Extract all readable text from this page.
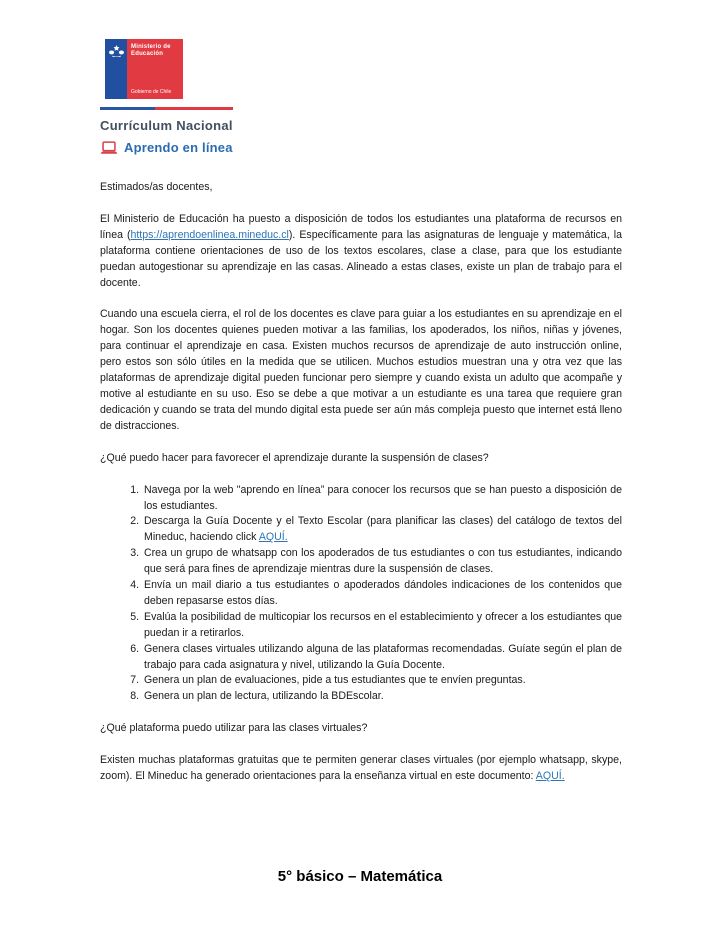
Ministerio de
Educación
Gobierno de Chile
Currículum Nacional
Aprendo en línea

Estimados/as docentes,

El Ministerio de Educación ha puesto a disposición de todos los estudiantes una plataforma de recursos en línea (https://aprendoenlinea.mineduc.cl). Específicamente para las asignaturas de lenguaje y matemática, la plataforma contiene orientaciones de uso de los textos escolares, clase a clase, para que los estudiante puedan autogestionar su aprendizaje en las casas. Alineado a estas clases, existe un plan de trabajo para el docente.

Cuando una escuela cierra, el rol de los docentes es clave para guiar a los estudiantes en su aprendizaje en el hogar. Son los docentes quienes pueden motivar a las familias, los apoderados, los niños, niñas y jóvenes, para continuar el aprendizaje en casa. Existen muchos recursos de aprendizaje de auto instrucción online, pero estos son sólo útiles en la medida que se utilicen. Muchos estudios muestran una y otra vez que las plataformas de aprendizaje digital pueden funcionar pero siempre y cuando exista un adulto que acompañe y motive al estudiante en su uso. Eso se debe a que motivar a un estudiante es una tarea que requiere gran dedicación y cuando se trata del mundo digital esta puede ser aún más compleja puesto que internet está lleno de distracciones.

¿Qué puedo hacer para favorecer el aprendizaje durante la suspensión de clases?

1. Navega por la web "aprendo en línea” para conocer los recursos que se han puesto a disposición de los estudiantes.
2. Descarga la Guía Docente y el Texto Escolar (para planificar las clases) del catálogo de textos del Mineduc, haciendo click AQUÍ.
3. Crea un grupo de whatsapp con los apoderados de tus estudiantes o con tus estudiantes, indicando que será para fines de aprendizaje mientras dure la suspensión de clases.
4. Envía un mail diario a tus estudiantes o apoderados dándoles indicaciones de los contenidos que deben repasarse estos días.
5. Evalúa la posibilidad de multicopiar los recursos en el establecimiento y ofrecer a los estudiantes que puedan ir a retirarlos.
6. Genera clases virtuales utilizando alguna de las plataformas recomendadas. Guíate según el plan de trabajo para cada asignatura y nivel, utilizando la Guía Docente.
7. Genera un plan de evaluaciones, pide a tus estudiantes que te envíen preguntas.
8. Genera un plan de lectura, utilizando la BDEscolar.

¿Qué plataforma puedo utilizar para las clases virtuales?

Existen muchas plataformas gratuitas que te permiten generar clases virtuales (por ejemplo whatsapp, skype, zoom). El Mineduc ha generado orientaciones para la enseñanza virtual en este documento: AQUÍ.

5° básico – Matemática
